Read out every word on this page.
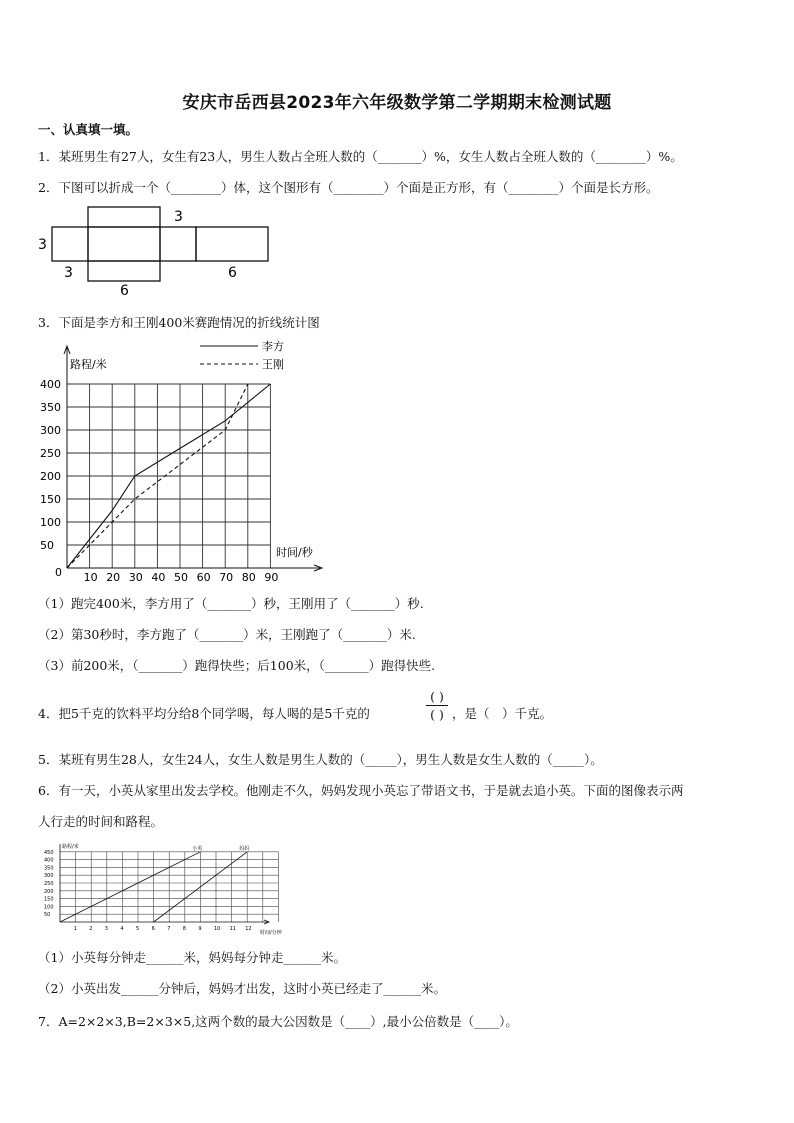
安庆市岳西县2023年六年级数学第二学期期末检测试题
一、认真填一填。
1．某班男生有27人，女生有23人，男生人数占全班人数的（_______）%，女生人数占全班人数的（________）%。
2．下图可以折成一个（________）体，这个图形有（________）个面是正方形，有（________）个面是长方形。
3
3
3
6
6
3．下面是李方和王刚400米赛跑情况的折线统计图
0 10 20 30 40 50 60 70 80 90
50
100
150
200
250
300
350
400
路程/米
时间/秒
李方
王刚
（1）跑完400米，李方用了（_______）秒，王刚用了（_______）秒.
（2）第30秒时，李方跑了（_______）米，王刚跑了（_______）米.
（3）前200米，（_______）跑得快些；后100米，（_______）跑得快些.
4．把5千克的饮料平均分给8个同学喝，每人喝的是5千克的
( )
( ) ，是（　）千克。
5．某班有男生28人，女生24人，女生人数是男生人数的（_____），男生人数是女生人数的（_____）。
6．有一天，小英从家里出发去学校。他刚走不久，妈妈发现小英忘了带语文书，于是就去追小英。下面的图像表示两
人行走的时间和路程。
1 2 3 4 5 6 7 8 9 10 11 12
50
100
150
200
250
300
350
400
450
小英	妈妈
路程/米
时间/分钟
（1）小英每分钟走______米，妈妈每分钟走______米。
（2）小英出发______分钟后，妈妈才出发，这时小英已经走了______米。
7．A=2×2×3,B=2×3×5,这两个数的最大公因数是（____）,最小公倍数是（____）。
